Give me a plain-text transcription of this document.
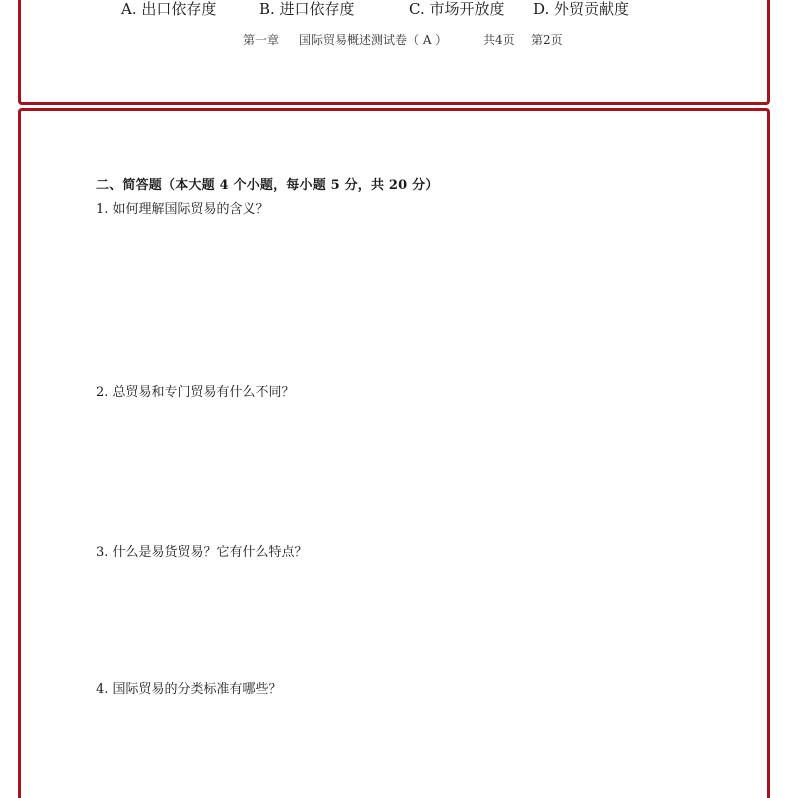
A. 出口依存度	B. 进口依存度	C. 市场开放度 D. 外贸贡献度
第一章 国际贸易概述测试卷（ A ）	共4页 第2页
二、简答题（本大题 4 个小题，每小题 5 分，共 20 分）
1. 如何理解国际贸易的含义？
2. 总贸易和专门贸易有什么不同？
3. 什么是易货贸易？它有什么特点？
4. 国际贸易的分类标准有哪些？
